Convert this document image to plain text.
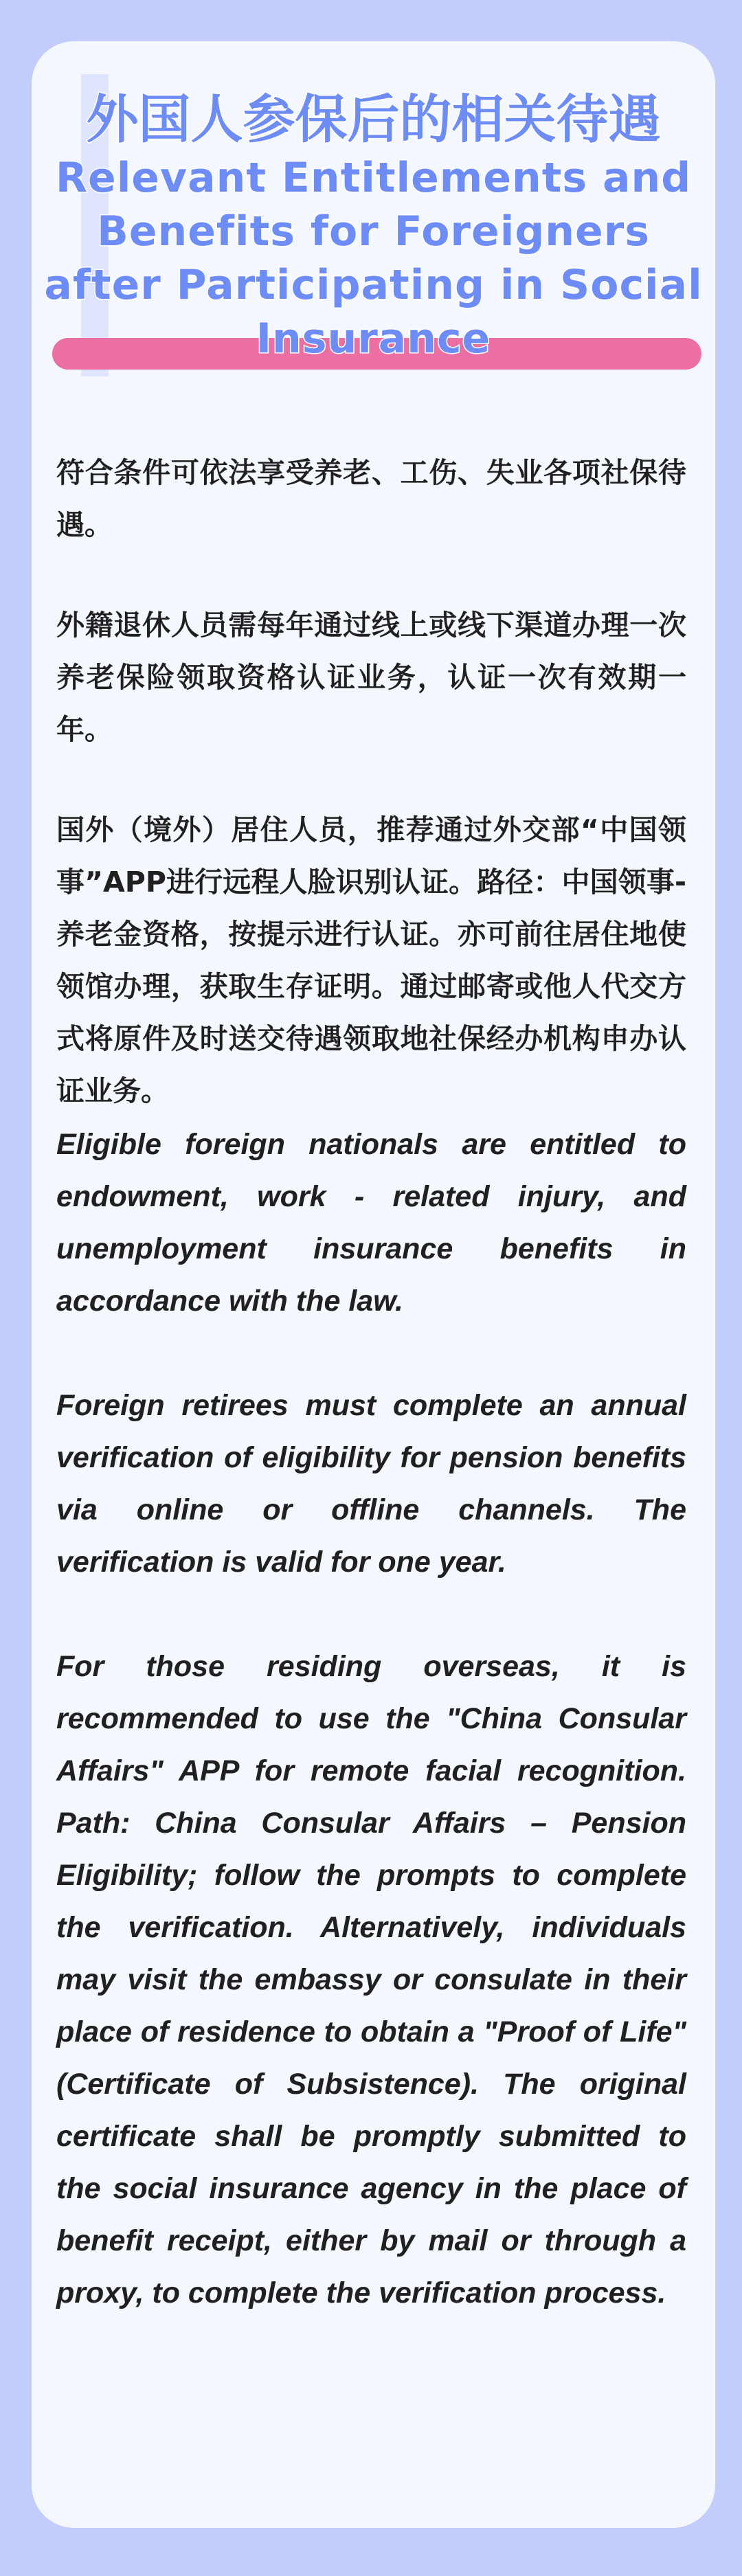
外国人参保后的相关待遇
Relevant Entitlements and Benefits for Foreigners after Participating in Social Insurance

符合条件可依法享受养老、工伤、失业各项社保待遇。

外籍退休人员需每年通过线上或线下渠道办理一次养老保险领取资格认证业务，认证一次有效期一年。

国外（境外）居住人员，推荐通过外交部“中国领事”APP进行远程人脸识别认证。路径：中国领事-养老金资格，按提示进行认证。亦可前往居住地使领馆办理，获取生存证明。通过邮寄或他人代交方式将原件及时送交待遇领取地社保经办机构申办认证业务。

Eligible foreign nationals are entitled to endowment, work - related injury, and unemployment insurance benefits in accordance with the law.

Foreign retirees must complete an annual verification of eligibility for pension benefits via online or offline channels. The verification is valid for one year.

For those residing overseas, it is recommended to use the "China Consular Affairs" APP for remote facial recognition. Path: China Consular Affairs – Pension Eligibility; follow the prompts to complete the verification. Alternatively, individuals may visit the embassy or consulate in their place of residence to obtain a "Proof of Life" (Certificate of Subsistence). The original certificate shall be promptly submitted to the social insurance agency in the place of benefit receipt, either by mail or through a proxy, to complete the verification process.
